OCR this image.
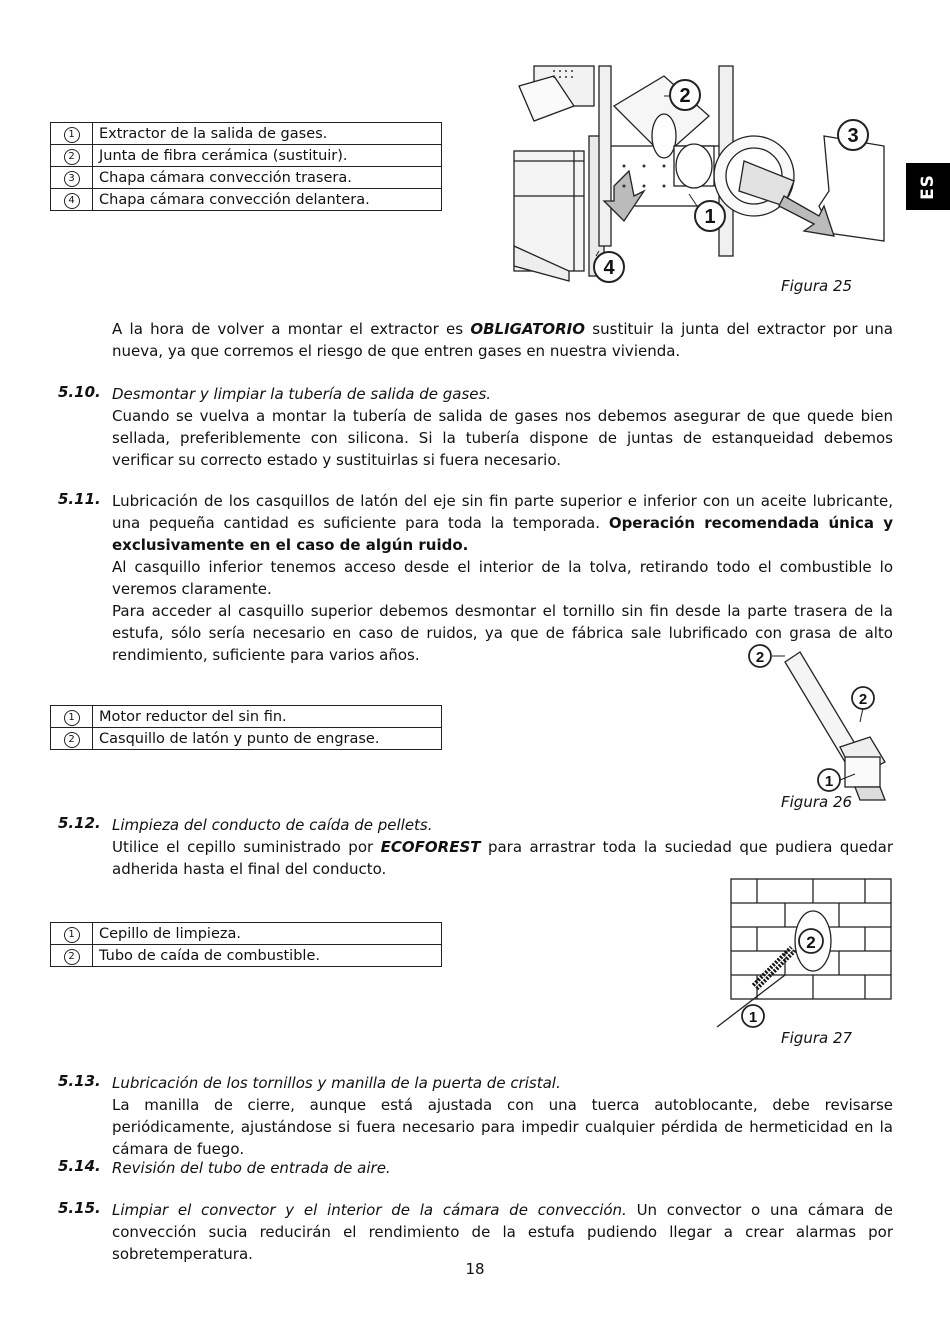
ES
1	Extractor de la salida de gases.
2	Junta de fibra cerámica (sustituir).
3	Chapa cámara convección trasera.
4	Chapa cámara convección delantera.
2
3
1
4
Figura 25
A la hora de volver a montar el extractor es OBLIGATORIO sustituir la junta del extractor por una nueva, ya que corremos el riesgo de que entren gases en nuestra vivienda.
5.10. Desmontar y limpiar la tubería de salida de gases.
Cuando se vuelva a montar la tubería de salida de gases nos debemos asegurar de que quede bien sellada, preferiblemente con silicona. Si la tubería dispone de juntas de estanqueidad debemos verificar su correcto estado y sustituirlas si fuera necesario.
5.11. Lubricación de los casquillos de latón del eje sin fin parte superior e inferior con un aceite lubricante, una pequeña cantidad es suficiente para toda la temporada. Operación recomendada única y exclusivamente en el caso de algún ruido.
Al casquillo inferior tenemos acceso desde el interior de la tolva, retirando todo el combustible lo veremos claramente.
Para acceder al casquillo superior debemos desmontar el tornillo sin fin desde la parte trasera de la estufa, sólo sería necesario en caso de ruidos, ya que de fábrica sale lubrificado con grasa de alto rendimiento, suficiente para varios años.
1	Motor reductor del sin fin.
2	Casquillo de latón y punto de engrase.
2
2
1
Figura 26
5.12. Limpieza del conducto de caída de pellets.
Utilice el cepillo suministrado por ECOFOREST para arrastrar toda la suciedad que pudiera quedar adherida hasta el final del conducto.
1	Cepillo de limpieza.
2	Tubo de caída de combustible.
2
1
Figura 27
5.13. Lubricación de los tornillos y manilla de la puerta de cristal.
La manilla de cierre, aunque está ajustada con una tuerca autoblocante, debe revisarse periódicamente, ajustándose si fuera necesario para impedir cualquier pérdida de hermeticidad en la cámara de fuego.
5.14. Revisión del tubo de entrada de aire.
5.15. Limpiar el convector y el interior de la cámara de convección. Un convector o una cámara de convección sucia reducirán el rendimiento de la estufa pudiendo llegar a crear alarmas por sobretemperatura.
18
